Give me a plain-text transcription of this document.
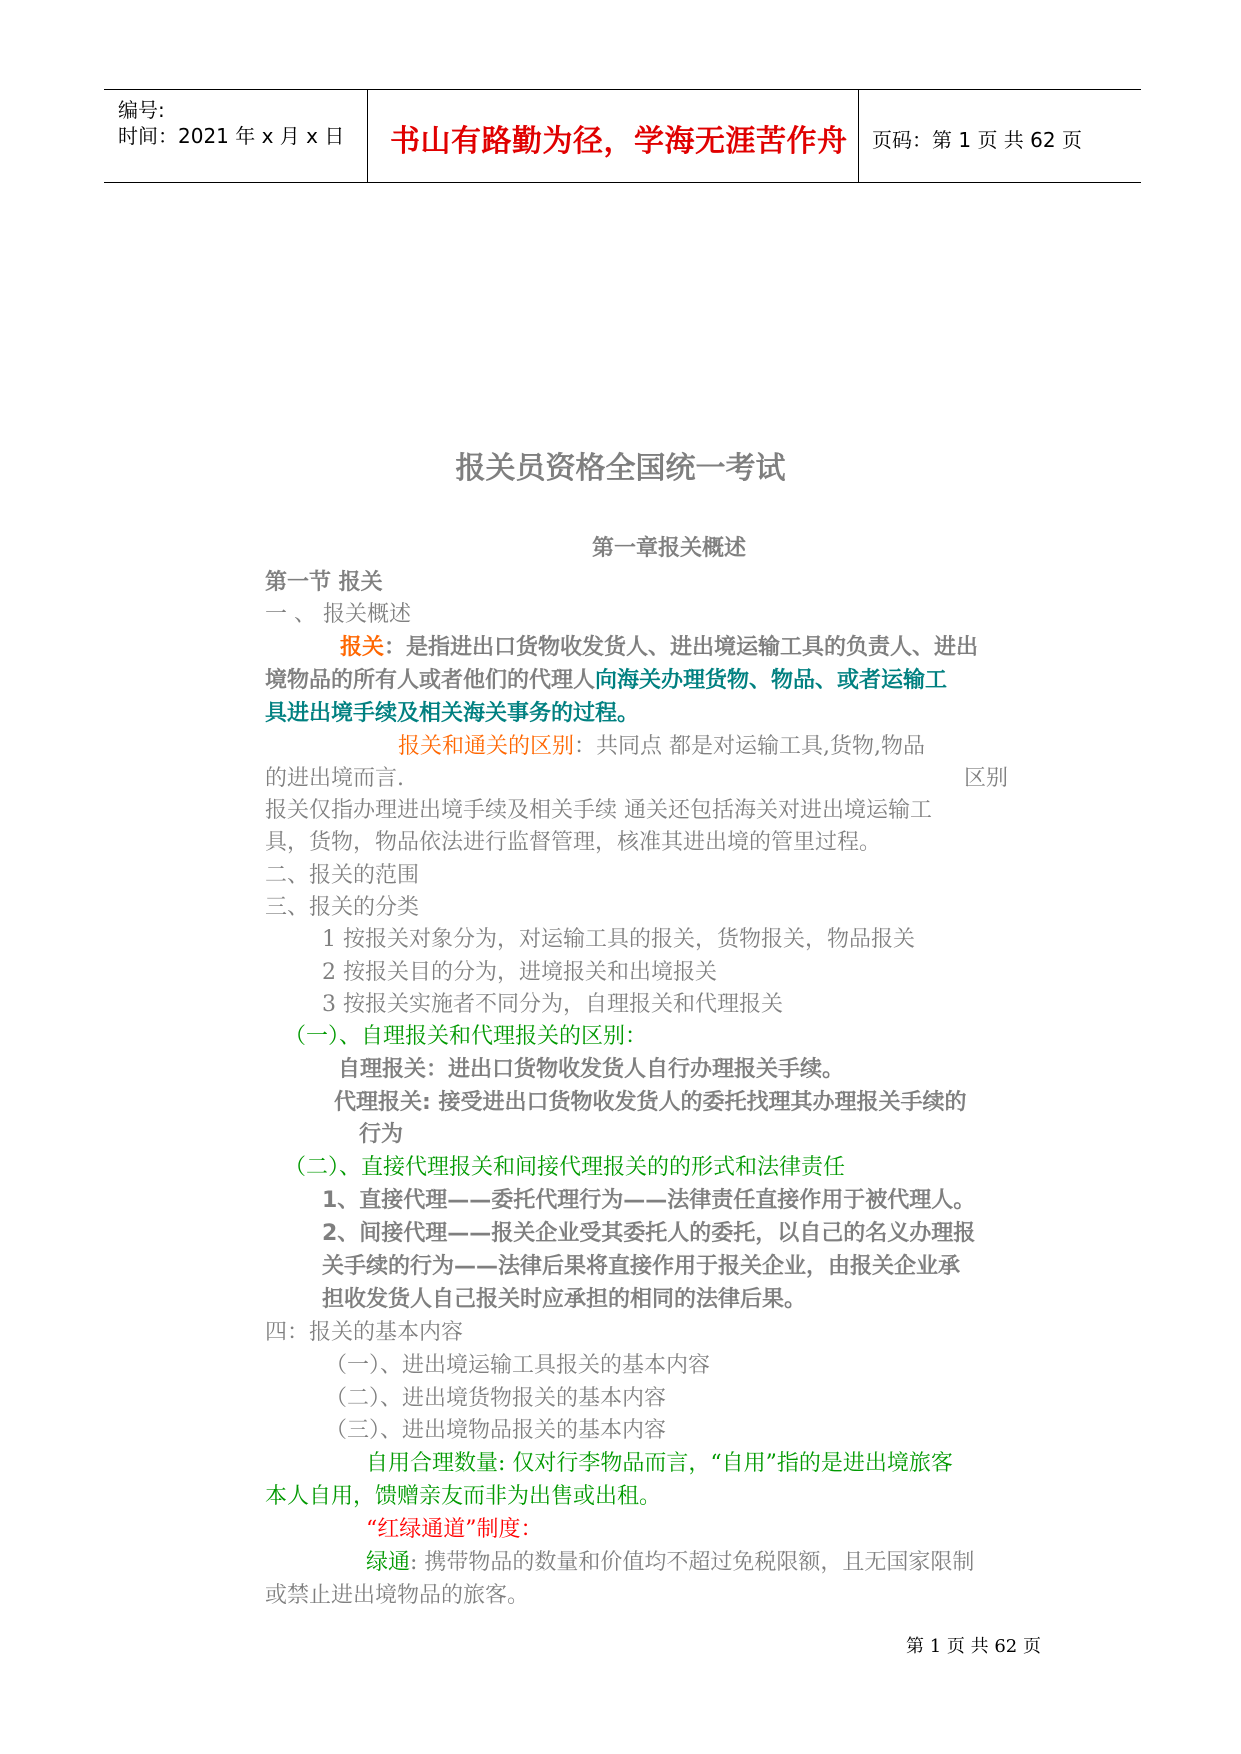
编号:
时间：2021 年 x 月 x 日 书山有路勤为径，学海无涯苦作舟 页码：第 1 页 共 62 页
报关员资格全国统一考试
第一章报关概述
第一节 报关
一 、 报关概述
报关：是指进出口货物收发货人、进出境运输工具的负责人、进出
境物品的所有人或者他们的代理人向海关办理货物、物品、或者运输工
具进出境手续及相关海关事务的过程。
报关和通关的区别：共同点 都是对运输工具,货物,物品
的进出境而言.	区别
报关仅指办理进出境手续及相关手续 通关还包括海关对进出境运输工
具，货物，物品依法进行监督管理，核准其进出境的管里过程。
二、报关的范围
三、报关的分类
1 按报关对象分为，对运输工具的报关，货物报关，物品报关
2 按报关目的分为，进境报关和出境报关
3 按报关实施者不同分为，自理报关和代理报关
（一）、自理报关和代理报关的区别：
自理报关：进出口货物收发货人自行办理报关手续。
代理报关: 接受进出口货物收发货人的委托找理其办理报关手续的
行为
（二）、直接代理报关和间接代理报关的的形式和法律责任
1、直接代理——委托代理行为——法律责任直接作用于被代理人。
2、间接代理——报关企业受其委托人的委托，以自己的名义办理报
关手续的行为——法律后果将直接作用于报关企业，由报关企业承
担收发货人自己报关时应承担的相同的法律后果。
四：报关的基本内容
（一）、进出境运输工具报关的基本内容
（二）、进出境货物报关的基本内容
（三）、进出境物品报关的基本内容
自用合理数量: 仅对行李物品而言，“自用”指的是进出境旅客
本人自用，馈赠亲友而非为出售或出租。
“红绿通道”制度：
绿通: 携带物品的数量和价值均不超过免税限额，且无国家限制
或禁止进出境物品的旅客。
第 1 页 共 62 页
